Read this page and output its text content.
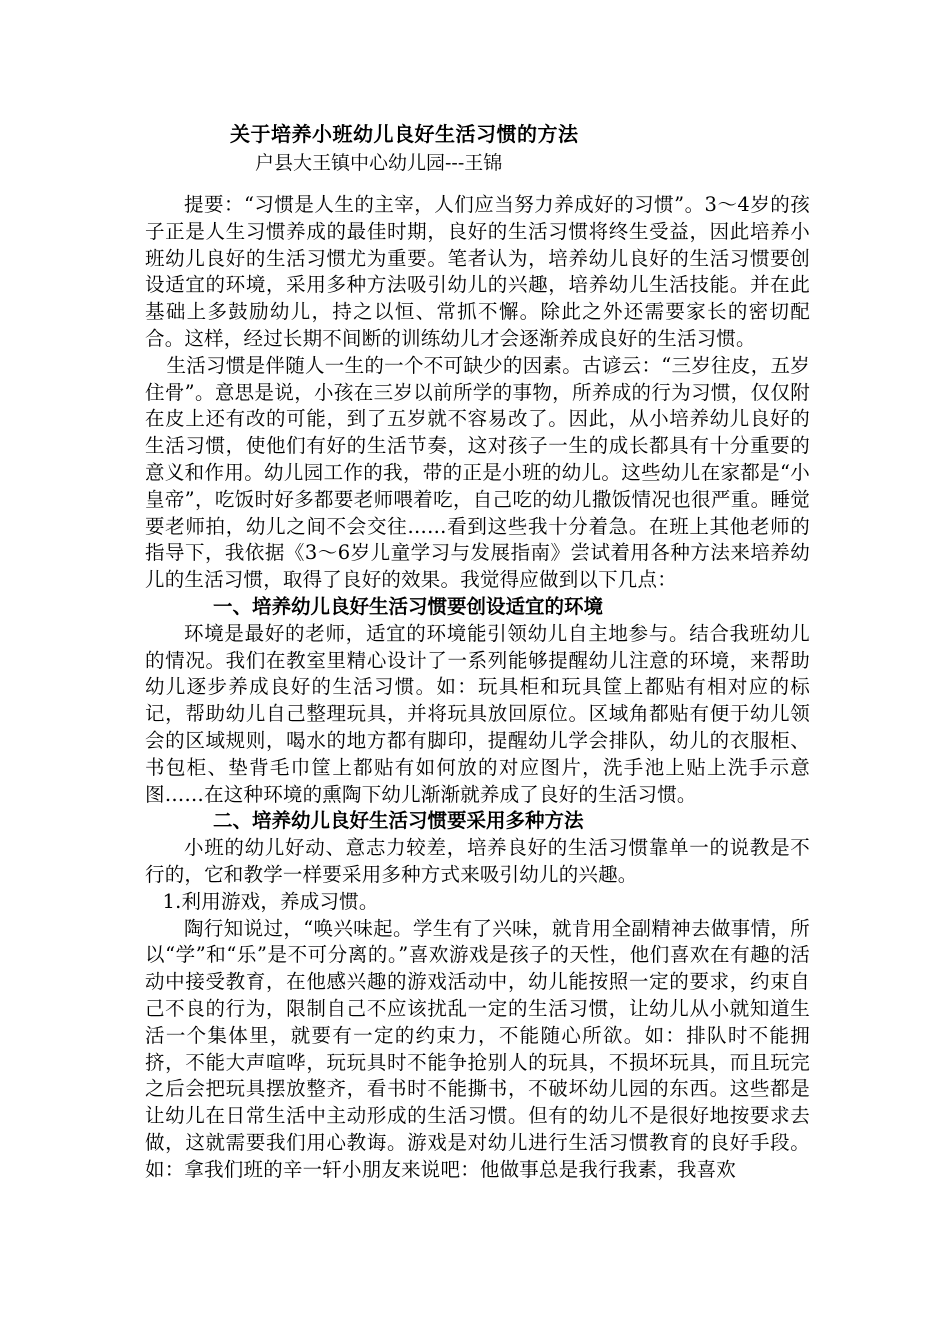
关于培养小班幼儿良好生活习惯的方法

户县大王镇中心幼儿园---王锦

提要：“习惯是人生的主宰，人们应当努力养成好的习惯”。3～4岁的孩子正是人生习惯养成的最佳时期，良好的生活习惯将终生受益，因此培养小班幼儿良好的生活习惯尤为重要。笔者认为，培养幼儿良好的生活习惯要创设适宜的环境，采用多种方法吸引幼儿的兴趣，培养幼儿生活技能。并在此基础上多鼓励幼儿，持之以恒、常抓不懈。除此之外还需要家长的密切配合。这样，经过长期不间断的训练幼儿才会逐渐养成良好的生活习惯。

生活习惯是伴随人一生的一个不可缺少的因素。古谚云：“三岁往皮，五岁住骨”。意思是说，小孩在三岁以前所学的事物，所养成的行为习惯，仅仅附在皮上还有改的可能，到了五岁就不容易改了。因此，从小培养幼儿良好的生活习惯，使他们有好的生活节奏，这对孩子一生的成长都具有十分重要的意义和作用。幼儿园工作的我，带的正是小班的幼儿。这些幼儿在家都是“小皇帝”，吃饭时好多都要老师喂着吃，自己吃的幼儿撒饭情况也很严重。睡觉要老师拍，幼儿之间不会交往……看到这些我十分着急。在班上其他老师的指导下，我依据《3～6岁儿童学习与发展指南》尝试着用各种方法来培养幼儿的生活习惯，取得了良好的效果。我觉得应做到以下几点：

一、培养幼儿良好生活习惯要创设适宜的环境

环境是最好的老师，适宜的环境能引领幼儿自主地参与。结合我班幼儿的情况。我们在教室里精心设计了一系列能够提醒幼儿注意的环境，来帮助幼儿逐步养成良好的生活习惯。如：玩具柜和玩具筐上都贴有相对应的标记，帮助幼儿自己整理玩具，并将玩具放回原位。区域角都贴有便于幼儿领会的区域规则，喝水的地方都有脚印，提醒幼儿学会排队，幼儿的衣服柜、书包柜、垫背毛巾筐上都贴有如何放的对应图片，洗手池上贴上洗手示意图……在这种环境的熏陶下幼儿渐渐就养成了良好的生活习惯。

二、培养幼儿良好生活习惯要采用多种方法

小班的幼儿好动、意志力较差，培养良好的生活习惯靠单一的说教是不行的，它和教学一样要采用多种方式来吸引幼儿的兴趣。

1.利用游戏，养成习惯。

陶行知说过，“唤兴味起。学生有了兴味，就肯用全副精神去做事情，所以“学”和“乐”是不可分离的。”喜欢游戏是孩子的天性，他们喜欢在有趣的活动中接受教育，在他感兴趣的游戏活动中，幼儿能按照一定的要求，约束自己不良的行为，限制自己不应该扰乱一定的生活习惯，让幼儿从小就知道生活一个集体里，就要有一定的约束力，不能随心所欲。如：排队时不能拥挤，不能大声喧哗，玩玩具时不能争抢别人的玩具，不损坏玩具，而且玩完之后会把玩具摆放整齐，看书时不能撕书，不破坏幼儿园的东西。这些都是让幼儿在日常生活中主动形成的生活习惯。但有的幼儿不是很好地按要求去做，这就需要我们用心教诲。游戏是对幼儿进行生活习惯教育的良好手段。如：拿我们班的辛一轩小朋友来说吧：他做事总是我行我素，我喜欢
